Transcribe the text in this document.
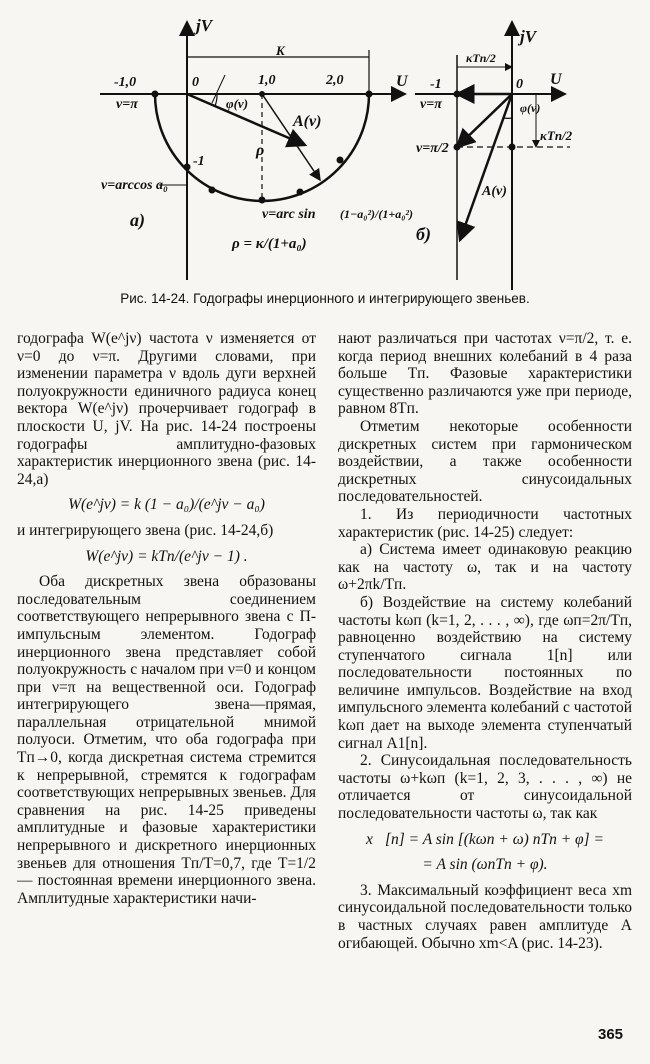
jV
U
K
-1,0	0	1,0	2,0
-1
ν=π	φ(ν)
A(ν)
ρ
ν=arccos a₀
ν=arc sin (1−a₀²)/(1+a₀²)
ρ = κ/(1+a₀)
а)
jV
U
κTп/2
-1	0
ν=π
ν=π/2
φ(ν)
κTп/2
A(ν)
б)
Рис. 14-24. Годографы инерционного и интегрирующего звеньев.

годографа W(e^jν) частота ν изменяется от ν=0 до ν=π. Другими словами, при изменении параметра ν вдоль дуги верхней полуокружности единичного радиуса конец вектора W(e^jν) прочерчивает годограф в плоскости U, jV. На рис. 14-24 построены годографы амплитудно-фазовых характеристик инерционного звена (рис. 14-24,а)

W(e^jν) = k (1 − a₀)/(e^jν − a₀)

и интегрирующего звена (рис. 14-24,б)

W(e^jν) = kTп/(e^jν − 1) .

Оба дискретных звена образованы последовательным соединением соответствующего непрерывного звена с П-импульсным элементом. Годограф инерционного звена представляет собой полуокружность с началом при ν=0 и концом при ν=π на вещественной оси. Годограф интегрирующего звена—прямая, параллельная отрицательной мнимой полуоси. Отметим, что оба годографа при Tп→0, когда дискретная система стремится к непрерывной, стремятся к годографам соответствующих непрерывных звеньев. Для сравнения на рис. 14-25 приведены амплитудные и фазовые характеристики непрерывного и дискретного инерционных звеньев для отношения Tп/T=0,7, где T=1/2 — постоянная времени инерционного звена. Амплитудные характеристики начи-

нают различаться при частотах ν=π/2, т. е. когда период внешних колебаний в 4 раза больше Tп. Фазовые характеристики существенно различаются уже при периоде, равном 8Tп.

Отметим некоторые особенности дискретных систем при гармоническом воздействии, а также особенности дискретных синусоидальных последовательностей.

1. Из периодичности частотных характеристик (рис. 14-25) следует:

а) Система имеет одинаковую реакцию как на частоту ω, так и на частоту ω+2πk/Tп.

б) Воздействие на систему колебаний частоты kωп (k=1, 2, . . . , ∞), где ωп=2π/Tп, равноценно воздействию на систему ступенчатого сигнала 1[n] или последовательности постоянных по величине импульсов. Воздействие на вход импульсного элемента колебаний с частотой kωп дает на выходе элемента ступенчатый сигнал A1[n].

2. Синусоидальная последовательность частоты ω+kωп (k=1, 2, 3, . . . , ∞) не отличается от синусоидальной последовательности частоты ω, так как

x⃗[n] = A sin [(kωп + ω) nTп + φ] =
= A sin (ωnTп + φ).

3. Максимальный коэффициент веса xm синусоидальной последовательности только в частных случаях равен амплитуде A огибающей. Обычно xm<A (рис. 14-23).

365
